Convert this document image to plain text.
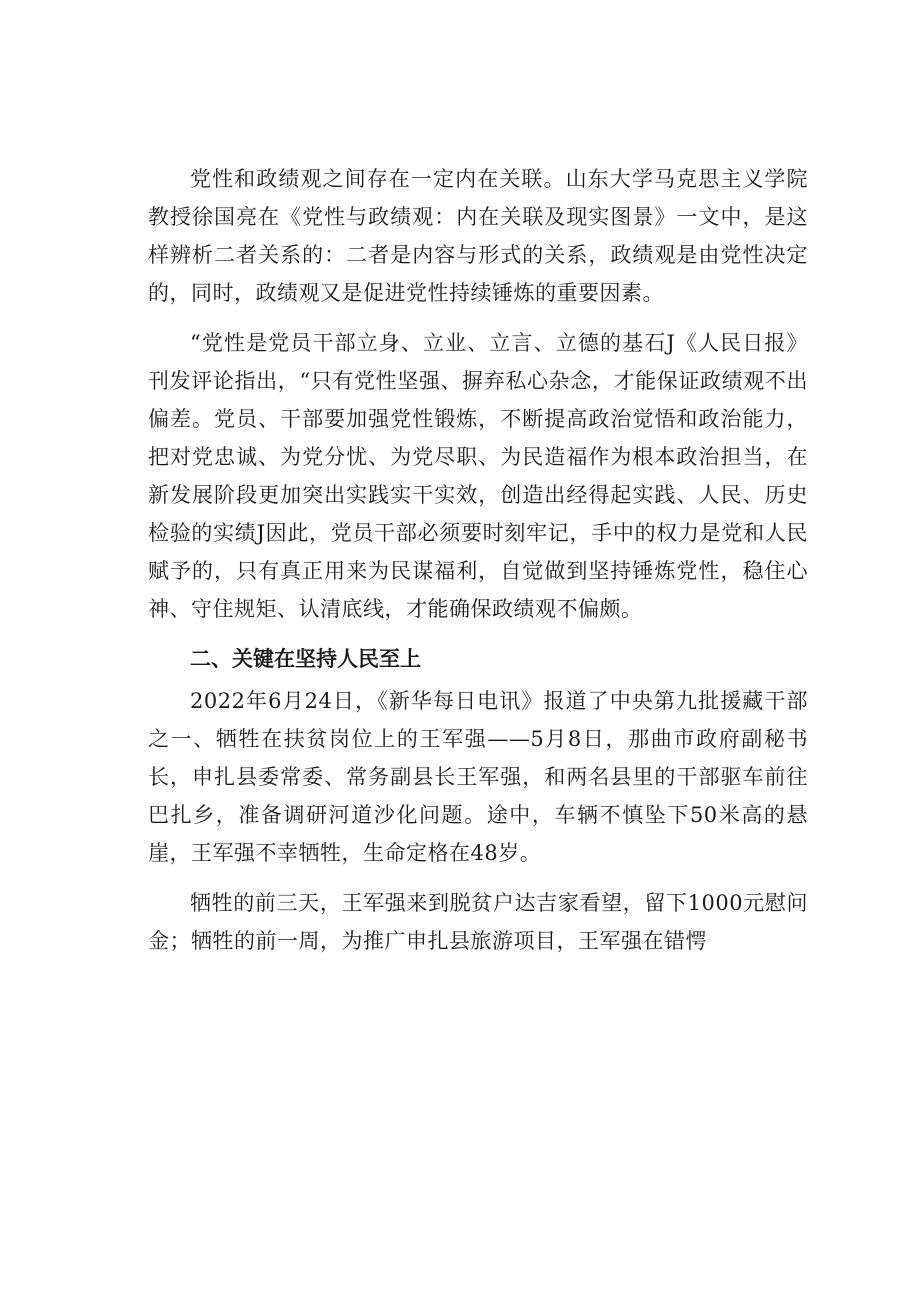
党性和政绩观之间存在一定内在关联。山东大学马克思主义学院教授徐国亮在《党性与政绩观：内在关联及现实图景》一文中，是这样辨析二者关系的：二者是内容与形式的关系，政绩观是由党性决定的，同时，政绩观又是促进党性持续锤炼的重要因素。

“党性是党员干部立身、立业、立言、立德的基石J《人民日报》刊发评论指出，“只有党性坚强、摒弃私心杂念，才能保证政绩观不出偏差。党员、干部要加强党性锻炼，不断提高政治觉悟和政治能力，把对党忠诚、为党分忧、为党尽职、为民造福作为根本政治担当，在新发展阶段更加突出实践实干实效，创造出经得起实践、人民、历史检验的实绩J因此，党员干部必须要时刻牢记，手中的权力是党和人民赋予的，只有真正用来为民谋福利，自觉做到坚持锤炼党性，稳住心神、守住规矩、认清底线，才能确保政绩观不偏颇。

二、关键在坚持人民至上

2022年6月24日，《新华每日电讯》报道了中央第九批援藏干部之一、牺牲在扶贫岗位上的王军强——5月8日，那曲市政府副秘书长，申扎县委常委、常务副县长王军强，和两名县里的干部驱车前往巴扎乡，准备调研河道沙化问题。途中，车辆不慎坠下50米高的悬崖，王军强不幸牺牲，生命定格在48岁。

牺牲的前三天，王军强来到脱贫户达吉家看望，留下1000元慰问金；牺牲的前一周，为推广申扎县旅游项目，王军强在错愕
